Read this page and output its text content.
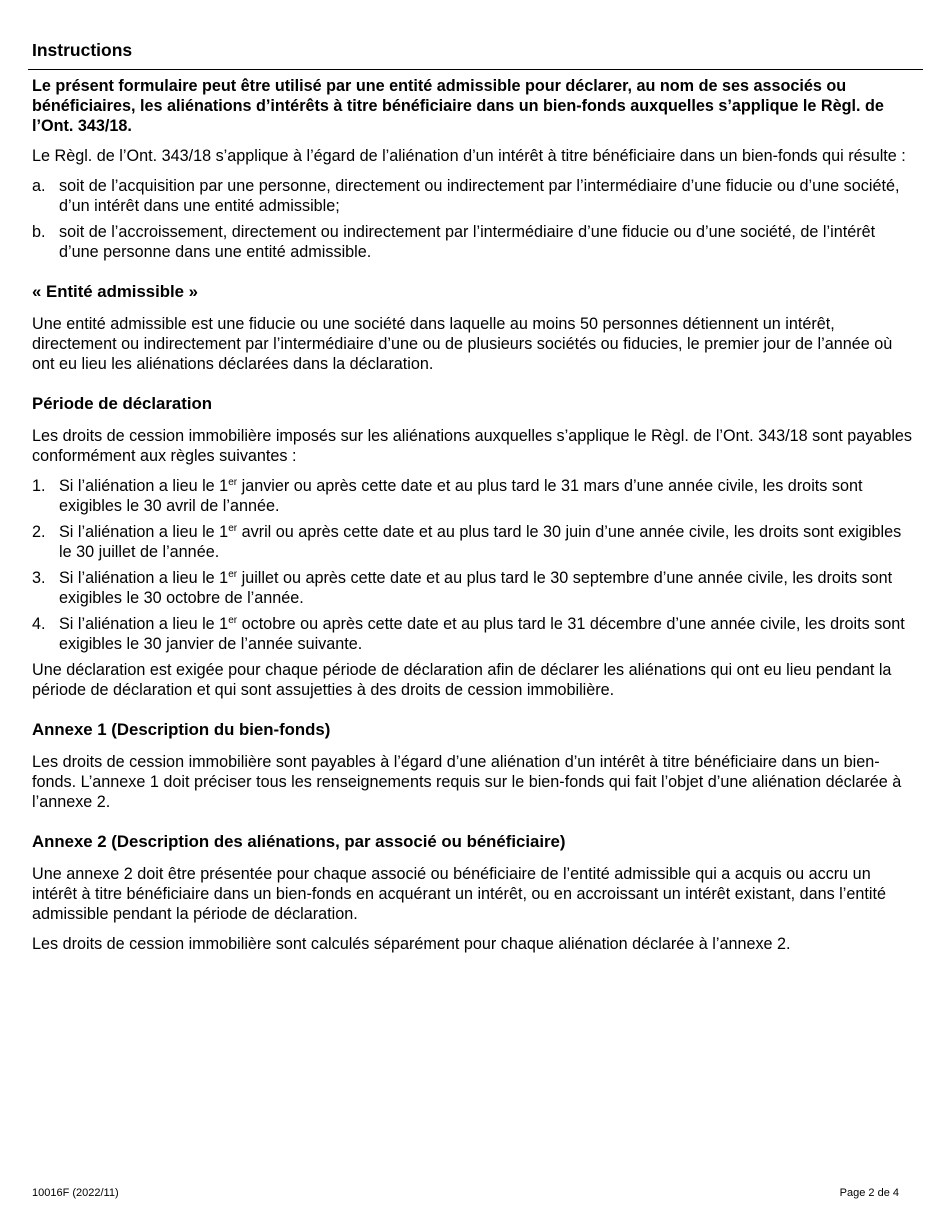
Instructions

Le présent formulaire peut être utilisé par une entité admissible pour déclarer, au nom de ses associés ou bénéficiaires, les aliénations d’intérêts à titre bénéficiaire dans un bien-fonds auxquelles s’applique le Règl. de l’Ont. 343/18.

Le Règl. de l’Ont. 343/18 s’applique à l’égard de l’aliénation d’un intérêt à titre bénéficiaire dans un bien-fonds qui résulte :

a. soit de l’acquisition par une personne, directement ou indirectement par l’intermédiaire d’une fiducie ou d’une société, d’un intérêt dans une entité admissible;
b. soit de l’accroissement, directement ou indirectement par l’intermédiaire d’une fiducie ou d’une société, de l’intérêt d’une personne dans une entité admissible.
« Entité admissible »

Une entité admissible est une fiducie ou une société dans laquelle au moins 50 personnes détiennent un intérêt, directement ou indirectement par l’intermédiaire d’une ou de plusieurs sociétés ou fiducies, le premier jour de l’année où ont eu lieu les aliénations déclarées dans la déclaration.

Période de déclaration

Les droits de cession immobilière imposés sur les aliénations auxquelles s’applique le Règl. de l’Ont. 343/18 sont payables conformément aux règles suivantes :

1. Si l’aliénation a lieu le 1er janvier ou après cette date et au plus tard le 31 mars d’une année civile, les droits sont exigibles le 30 avril de l’année.
2. Si l’aliénation a lieu le 1er avril ou après cette date et au plus tard le 30 juin d’une année civile, les droits sont exigibles le 30 juillet de l’année.
3. Si l’aliénation a lieu le 1er juillet ou après cette date et au plus tard le 30 septembre d’une année civile, les droits sont exigibles le 30 octobre de l’année.
4. Si l’aliénation a lieu le 1er octobre ou après cette date et au plus tard le 31 décembre d’une année civile, les droits sont exigibles le 30 janvier de l’année suivante.

Une déclaration est exigée pour chaque période de déclaration afin de déclarer les aliénations qui ont eu lieu pendant la période de déclaration et qui sont assujetties à des droits de cession immobilière.

Annexe 1 (Description du bien-fonds)

Les droits de cession immobilière sont payables à l’égard d’une aliénation d’un intérêt à titre bénéficiaire dans un bien-fonds. L’annexe 1 doit préciser tous les renseignements requis sur le bien-fonds qui fait l’objet d’une aliénation déclarée à l’annexe 2.

Annexe 2 (Description des aliénations, par associé ou bénéficiaire)

Une annexe 2 doit être présentée pour chaque associé ou bénéficiaire de l’entité admissible qui a acquis ou accru un intérêt à titre bénéficiaire dans un bien-fonds en acquérant un intérêt, ou en accroissant un intérêt existant, dans l’entité admissible pendant la période de déclaration.

Les droits de cession immobilière sont calculés séparément pour chaque aliénation déclarée à l’annexe 2.

10016F (2022/11)	Page 2 de 4
